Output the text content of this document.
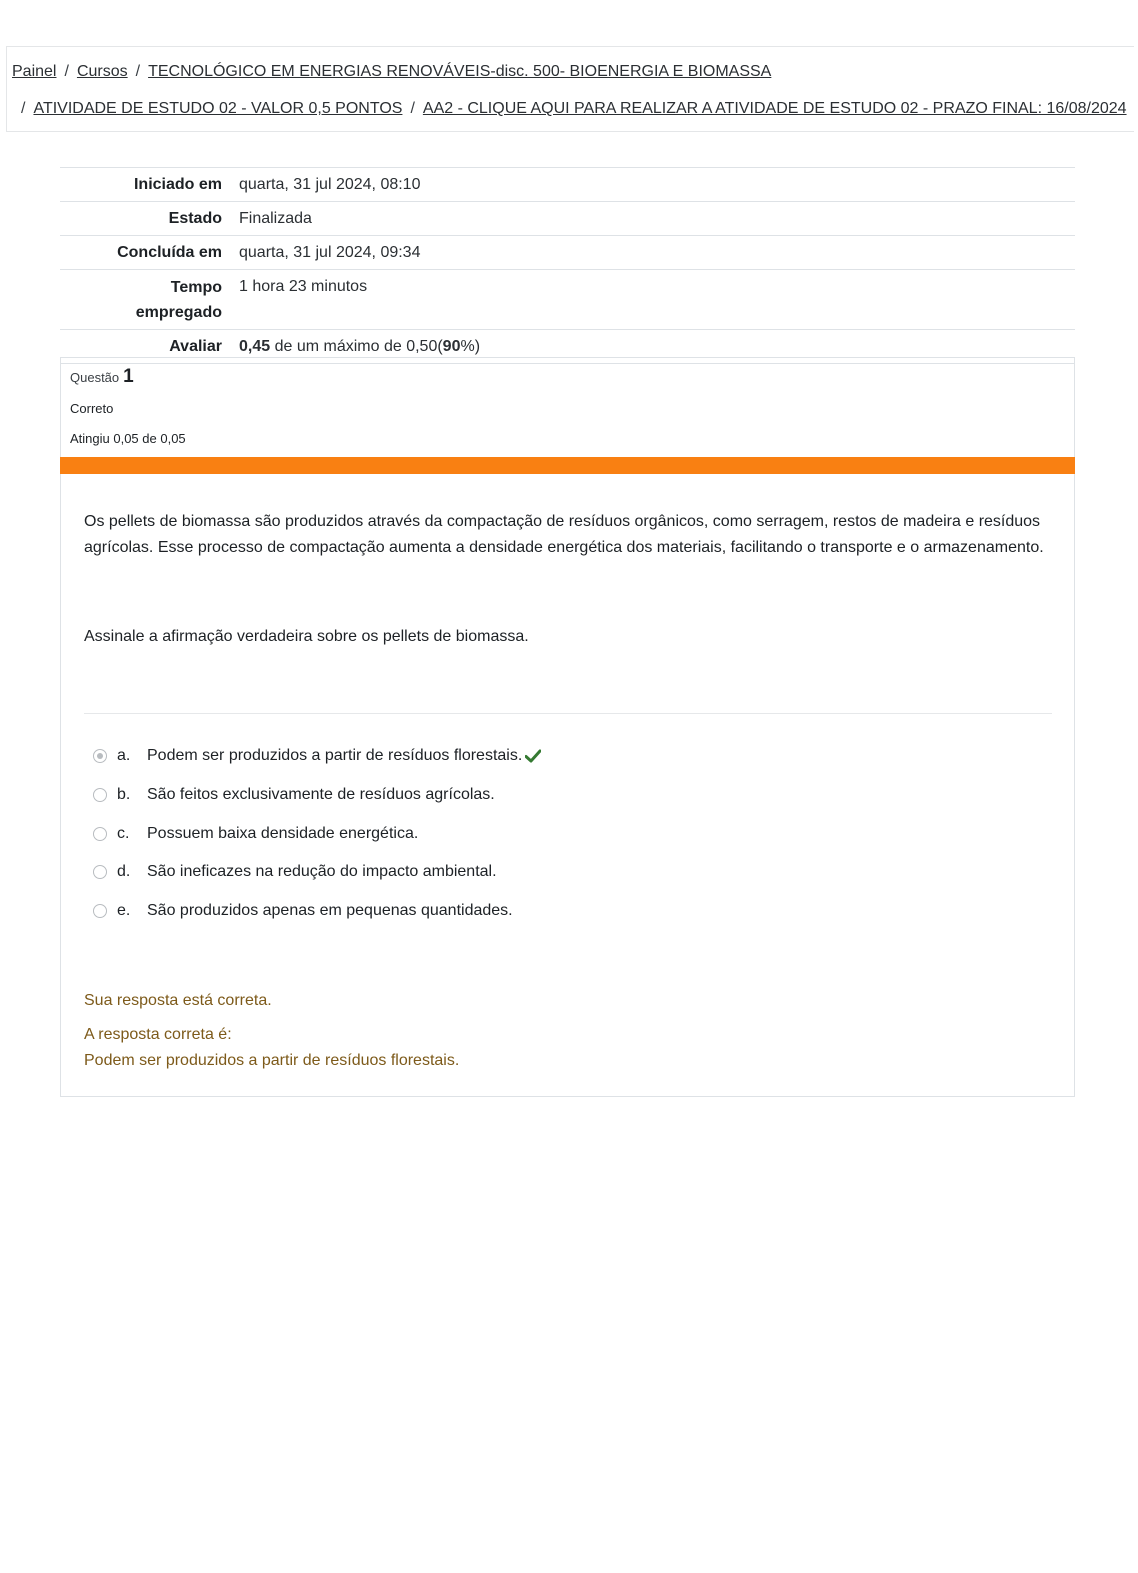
Painel / Cursos / TECNOLÓGICO EM ENERGIAS RENOVÁVEIS-disc. 500- BIOENERGIA E BIOMASSA
/ ATIVIDADE DE ESTUDO 02 - VALOR 0,5 PONTOS / AA2 - CLIQUE AQUI PARA REALIZAR A ATIVIDADE DE ESTUDO 02 - PRAZO FINAL: 16/08/2024
Iniciado em	quarta, 31 jul 2024, 08:10
Estado	Finalizada
Concluída em	quarta, 31 jul 2024, 09:34
Tempo
empregado	1 hora 23 minutos
Avaliar	0,45 de um máximo de 0,50(90%)
Questão 1
Correto
Atingiu 0,05 de 0,05
Os pellets de biomassa são produzidos através da compactação de resíduos orgânicos, como serragem, restos de madeira e resíduos agrícolas. Esse processo de compactação aumenta a densidade energética dos materiais, facilitando o transporte e o armazenamento.
Assinale a afirmação verdadeira sobre os pellets de biomassa.
a.	Podem ser produzidos a partir de resíduos florestais.
b.	São feitos exclusivamente de resíduos agrícolas.
c.	Possuem baixa densidade energética.
d.	São ineficazes na redução do impacto ambiental.
e.	São produzidos apenas em pequenas quantidades.
Sua resposta está correta.
A resposta correta é:
Podem ser produzidos a partir de resíduos florestais.
